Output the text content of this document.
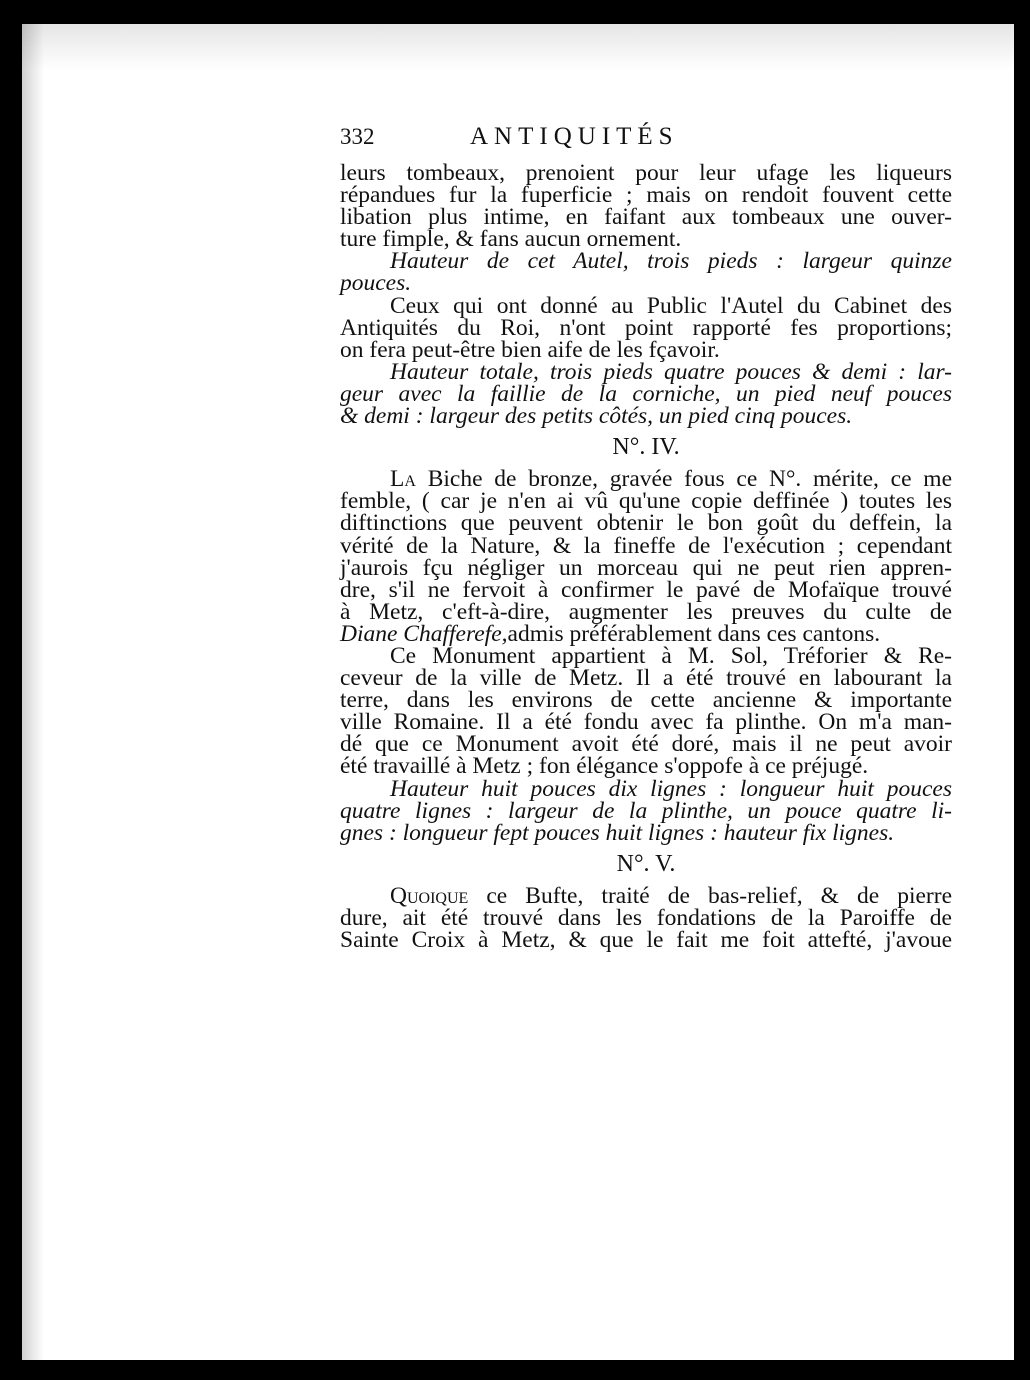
332	ANTIQUITÉS

leurs tombeaux, prenoient pour leur ufage les liqueurs
répandues fur la fuperficie ; mais on rendoit fouvent cette
libation plus intime, en faifant aux tombeaux une ouver-
ture fimple, & fans aucun ornement.

Hauteur de cet Autel, trois pieds : largeur quinze
pouces.

Ceux qui ont donné au Public l'Autel du Cabinet des
Antiquités du Roi, n'ont point rapporté fes proportions;
on fera peut-être bien aife de les fçavoir.

Hauteur totale, trois pieds quatre pouces & demi : lar-
geur avec la faillie de la corniche, un pied neuf pouces
& demi : largeur des petits côtés, un pied cinq pouces.

N°. IV.

La Biche de bronze, gravée fous ce N°. mérite, ce me
femble, ( car je n'en ai vû qu'une copie deffinée ) toutes les
diftinctions que peuvent obtenir le bon goût du deffein, la
vérité de la Nature, & la fineffe de l'exécution ; cependant
j'aurois fçu négliger un morceau qui ne peut rien appren-
dre, s'il ne fervoit à confirmer le pavé de Mofaïque trouvé
à Metz, c'eft-à-dire, augmenter les preuves du culte de
Diane Chafferefe,admis préférablement dans ces cantons.

Ce Monument appartient à M. Sol, Tréforier & Re-
ceveur de la ville de Metz. Il a été trouvé en labourant la
terre, dans les environs de cette ancienne & importante
ville Romaine. Il a été fondu avec fa plinthe. On m'a man-
dé que ce Monument avoit été doré, mais il ne peut avoir
été travaillé à Metz ; fon élégance s'oppofe à ce préjugé.

Hauteur huit pouces dix lignes : longueur huit pouces
quatre lignes : largeur de la plinthe, un pouce quatre li-
gnes : longueur fept pouces huit lignes : hauteur fix lignes.

N°. V.

Quoique ce Bufte, traité de bas-relief, & de pierre
dure, ait été trouvé dans les fondations de la Paroiffe de
Sainte Croix à Metz, & que le fait me foit attefté, j'avoue
